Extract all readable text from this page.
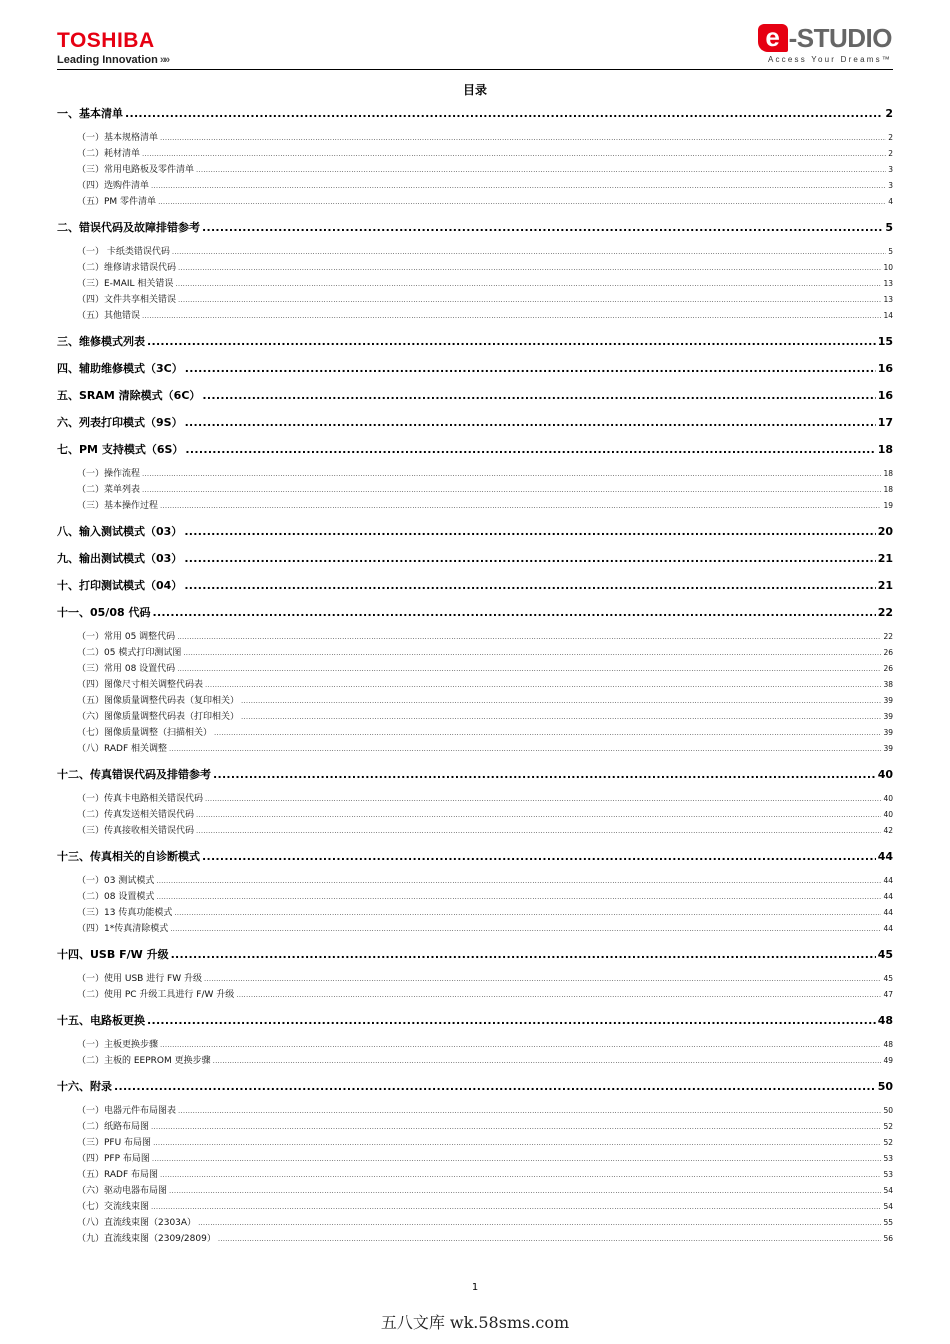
TOSHIBA
Leading Innovation »»
e -STUDIO
Access Your Dreams™
目录
一、基本清单 .....	2
（一）基本规格清单 .....	2
（二）耗材清单 .....	2
（三）常用电路板及零件清单 .....	3
（四）选购件清单 .....	3
（五）PM 零件清单 .....	4
二、错误代码及故障排错参考 .....	5
（一） 卡纸类错误代码 .....	5
（二）维修请求错误代码 .....	10
（三）E-MAIL 相关错误 .....	13
（四）文件共享相关错误 .....	13
（五）其他错误 .....	14
三、维修模式列表 .....	15
四、辅助维修模式（3C） .....	16
五、SRAM 清除模式（6C） .....	16
六、列表打印模式（9S） .....	17
七、PM 支持模式（6S） .....	18
（一）操作流程 .....	18
（二）菜单列表 .....	18
（三）基本操作过程 .....	19
八、输入测试模式（03） .....	20
九、输出测试模式（03） .....	21
十、打印测试模式（04） .....	21
十一、05/08 代码 .....	22
（一）常用 05 调整代码 .....	22
（二）05 模式打印测试图 .....	26
（三）常用 08 设置代码 .....	26
（四）图像尺寸相关调整代码表 .....	38
（五）图像质量调整代码表（复印相关） .....	39
（六）图像质量调整代码表（打印相关） .....	39
（七）图像质量调整（扫描相关） .....	39
（八）RADF 相关调整 .....	39
十二、传真错误代码及排错参考 .....	40
（一）传真卡电路相关错误代码 .....	40
（二）传真发送相关错误代码 .....	40
（三）传真接收相关错误代码 .....	42
十三、传真相关的自诊断模式 .....	44
（一）03 测试模式 .....	44
（二）08 设置模式 .....	44
（三）13 传真功能模式 .....	44
（四）1*传真清除模式 .....	44
十四、USB F/W 升级 .....	45
（一）使用 USB 进行 FW 升级 .....	45
（二）使用 PC 升级工具进行 F/W 升级 .....	47
十五、电路板更换 .....	48
（一）主板更换步骤 .....	48
（二）主板的 EEPROM 更换步骤 .....	49
十六、附录 .....	50
（一）电器元件布局图表 .....	50
（二）纸路布局图 .....	52
（三）PFU 布局图 .....	52
（四）PFP 布局图 .....	53
（五）RADF 布局图 .....	53
（六）驱动电器布局图 .....	54
（七）交流线束图 .....	54
（八）直流线束图（2303A） .....	55
（九）直流线束图（2309/2809） .....	56
1
五八文库 wk.58sms.com
